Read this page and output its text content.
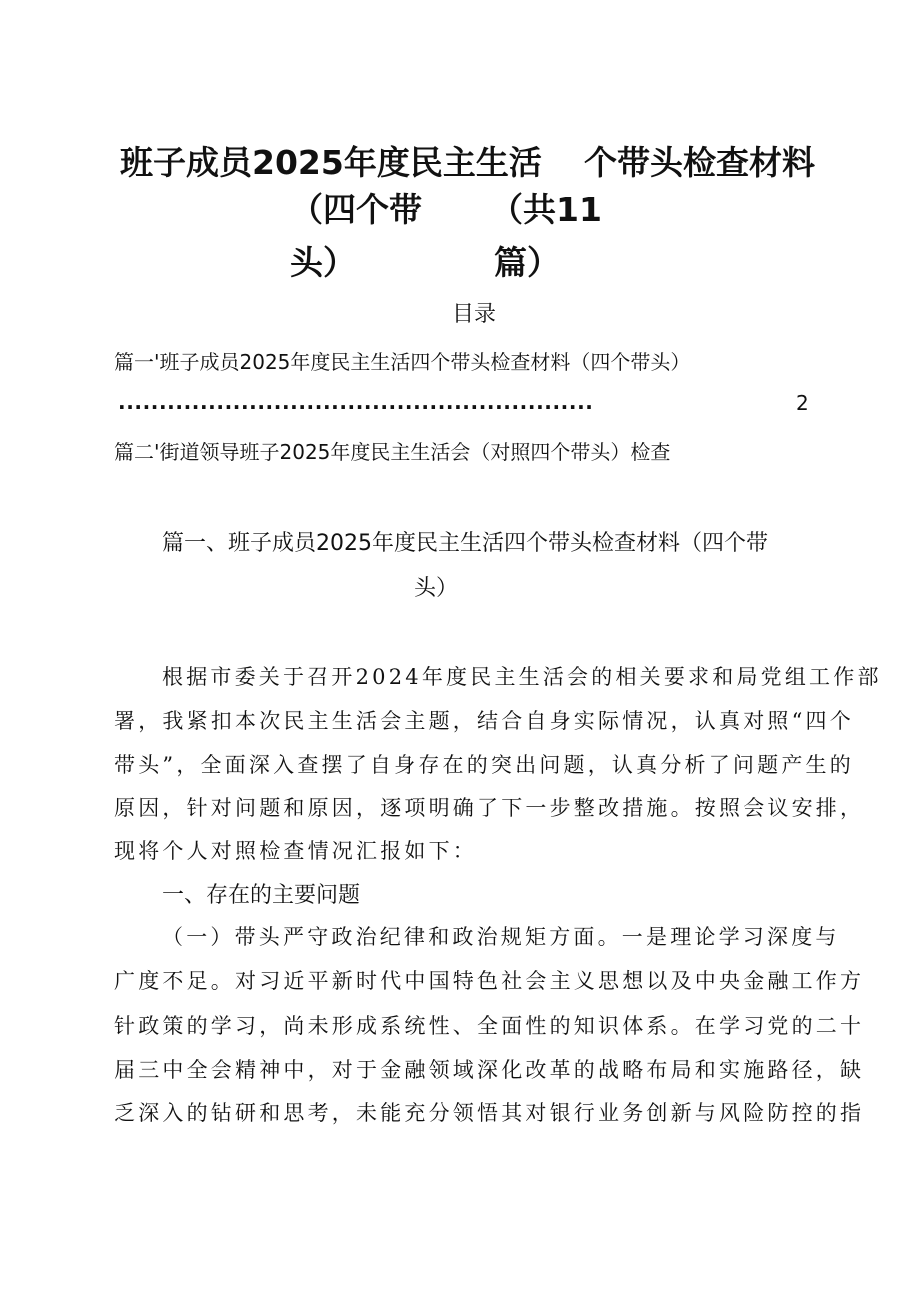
班子成员2025年度民主生活 个带头检查材料
（四个带 （共11
头）	篇）
目录
篇一'班子成员2025年度民主生活四个带头检查材料（四个带头）
..........................................................	2
篇二'街道领导班子2025年度民主生活会（对照四个带头）检查
篇一、班子成员2025年度民主生活四个带头检查材料（四个带
头）
根据市委关于召开2024年度民主生活会的相关要求和局党组工作部
署，我紧扣本次民主生活会主题，结合自身实际情况，认真对照“四个
带头”，全面深入查摆了自身存在的突出问题，认真分析了问题产生的
原因，针对问题和原因，逐项明确了下一步整改措施。按照会议安排，
现将个人对照检查情况汇报如下：
一、存在的主要问题
（一）带头严守政治纪律和政治规矩方面。一是理论学习深度与
广度不足。对习近平新时代中国特色社会主义思想以及中央金融工作方
针政策的学习，尚未形成系统性、全面性的知识体系。在学习党的二十
届三中全会精神中，对于金融领域深化改革的战略布局和实施路径，缺
乏深入的钻研和思考，未能充分领悟其对银行业务创新与风险防控的指
